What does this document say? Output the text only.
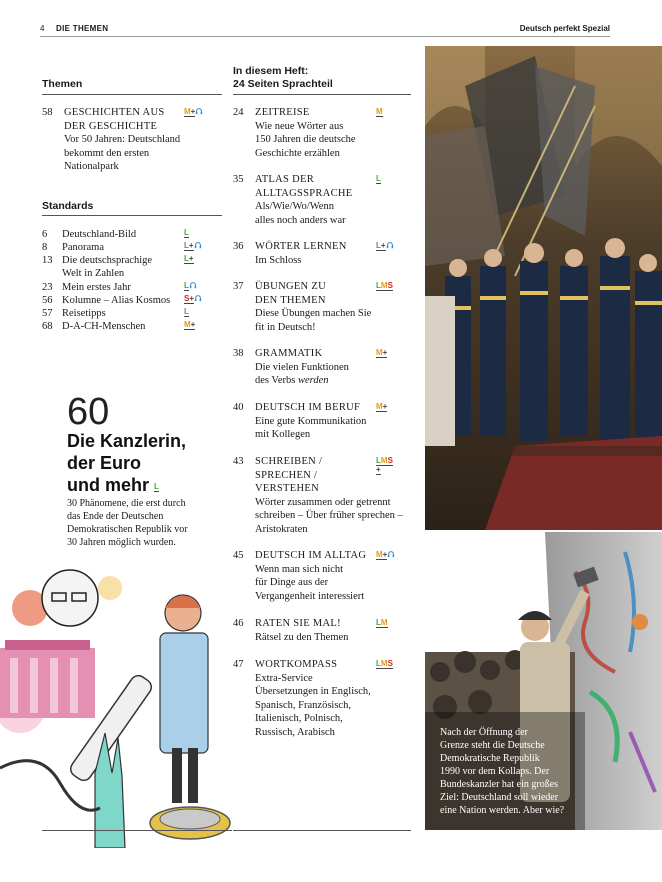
4 DIE THEMEN	Deutsch perfekt Spezial
Themen
58 GESCHICHTEN AUS
DER GESCHICHTE
Vor 50 Jahren: Deutschland
bekommt den ersten
Nationalpark
M+
Standards
6 Deutschland-Bild
8 Panorama
13 Die deutschsprachige
Welt in Zahlen
23 Mein erstes Jahr
56 Kolumne – Alias Kosmos
57 Reisetipps
68 D-A-CH-Menschen
L
L+
L+
L
S+
L
M+
60
Die Kanzlerin,
der Euro
und mehr L
30 Phänomene, die erst durch
das Ende der Deutschen
Demokratischen Republik vor
30 Jahren möglich wurden.
In diesem Heft:
24 Seiten Sprachteil
24 ZEITREISE
Wie neue Wörter aus
150 Jahren die deutsche
Geschichte erzählen
M
35 ATLAS DER
ALLTAGSSPRACHE
Als/Wie/Wo/Wenn
alles noch anders war
L
36 WÖRTER LERNEN
Im Schloss
L+
37 ÜBUNGEN ZU
DEN THEMEN
Diese Übungen machen Sie
fit in Deutsch!
LMS
38 GRAMMATIK
Die vielen Funktionen
des Verbs werden
M+
40 DEUTSCH IM BERUF
Eine gute Kommunikation
mit Kollegen
M+
43 SCHREIBEN /
SPRECHEN /
VERSTEHEN
Wörter zusammen oder getrennt
schreiben – Über früher sprechen –
Aristokraten
LMS
+
45 DEUTSCH IM ALLTAG
Wenn man sich nicht
für Dinge aus der
Vergangenheit interessiert
M+
46 RATEN SIE MAL!
Rätsel zu den Themen
LM
47 WORTKOMPASS
Extra-Service
Übersetzungen in Englisch,
Spanisch, Französisch,
Italienisch, Polnisch,
Russisch, Arabisch
LMS
Nach der Öffnung der
Grenze steht die Deutsche
Demokratische Republik
1990 vor dem Kollaps. Der
Bundeskanzler hat ein großes
Ziel: Deutschland soll wieder
eine Nation werden. Aber wie?
